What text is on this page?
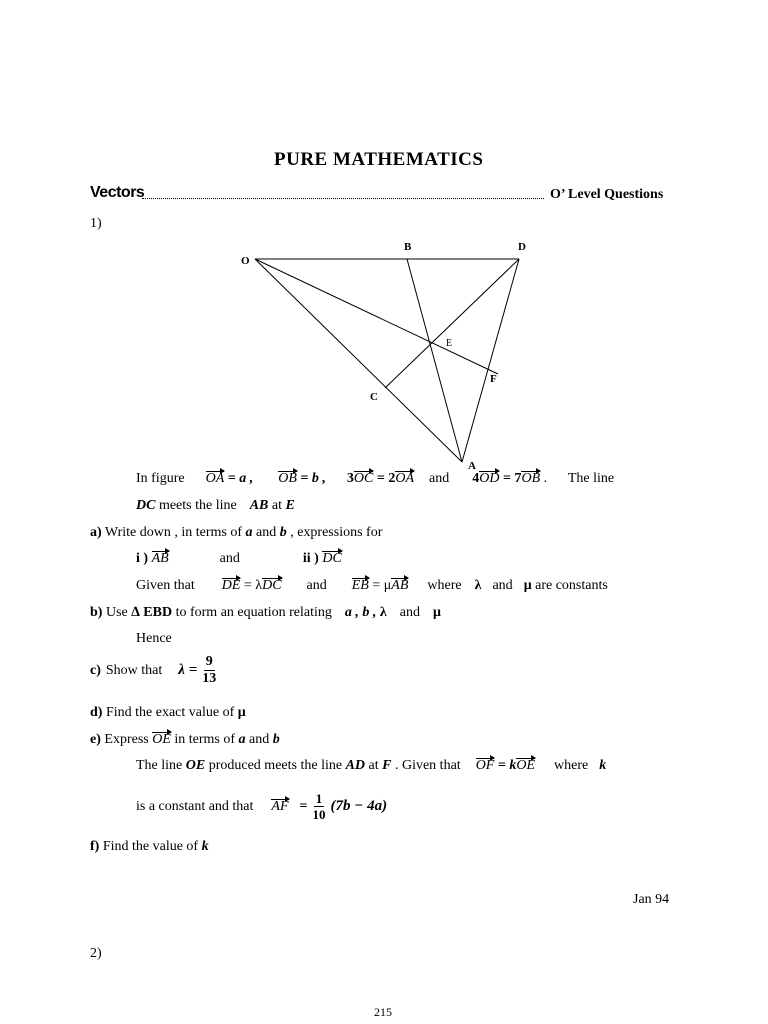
PURE MATHEMATICS
Vectors	O’ Level Questions
1)
O
B	D
E
F
C
A
In figure OA = a , OB = b , 3OC = 2OA and 4OD = 7OB . The line
DC meets the line AB at E
a) Write down , in terms of a and b , expressions for
i ) AB	and	ii ) DC
Given that DE = λDC and EB = μAB where λ and μ are constants
b) Use ∆ EBD to form an equation relating a , b , λ and μ
Hence
c) Show that $\lambda = \frac{9}{13}$
d) Find the exact value of μ
e) Express OE in terms of a and b
The line OE produced meets the line AD at F . Given that OF = kOE where k
is a constant and that AF = $\frac{1}{10} (7b - 4a)$
f) Find the value of k
Jan 94
2)
215
